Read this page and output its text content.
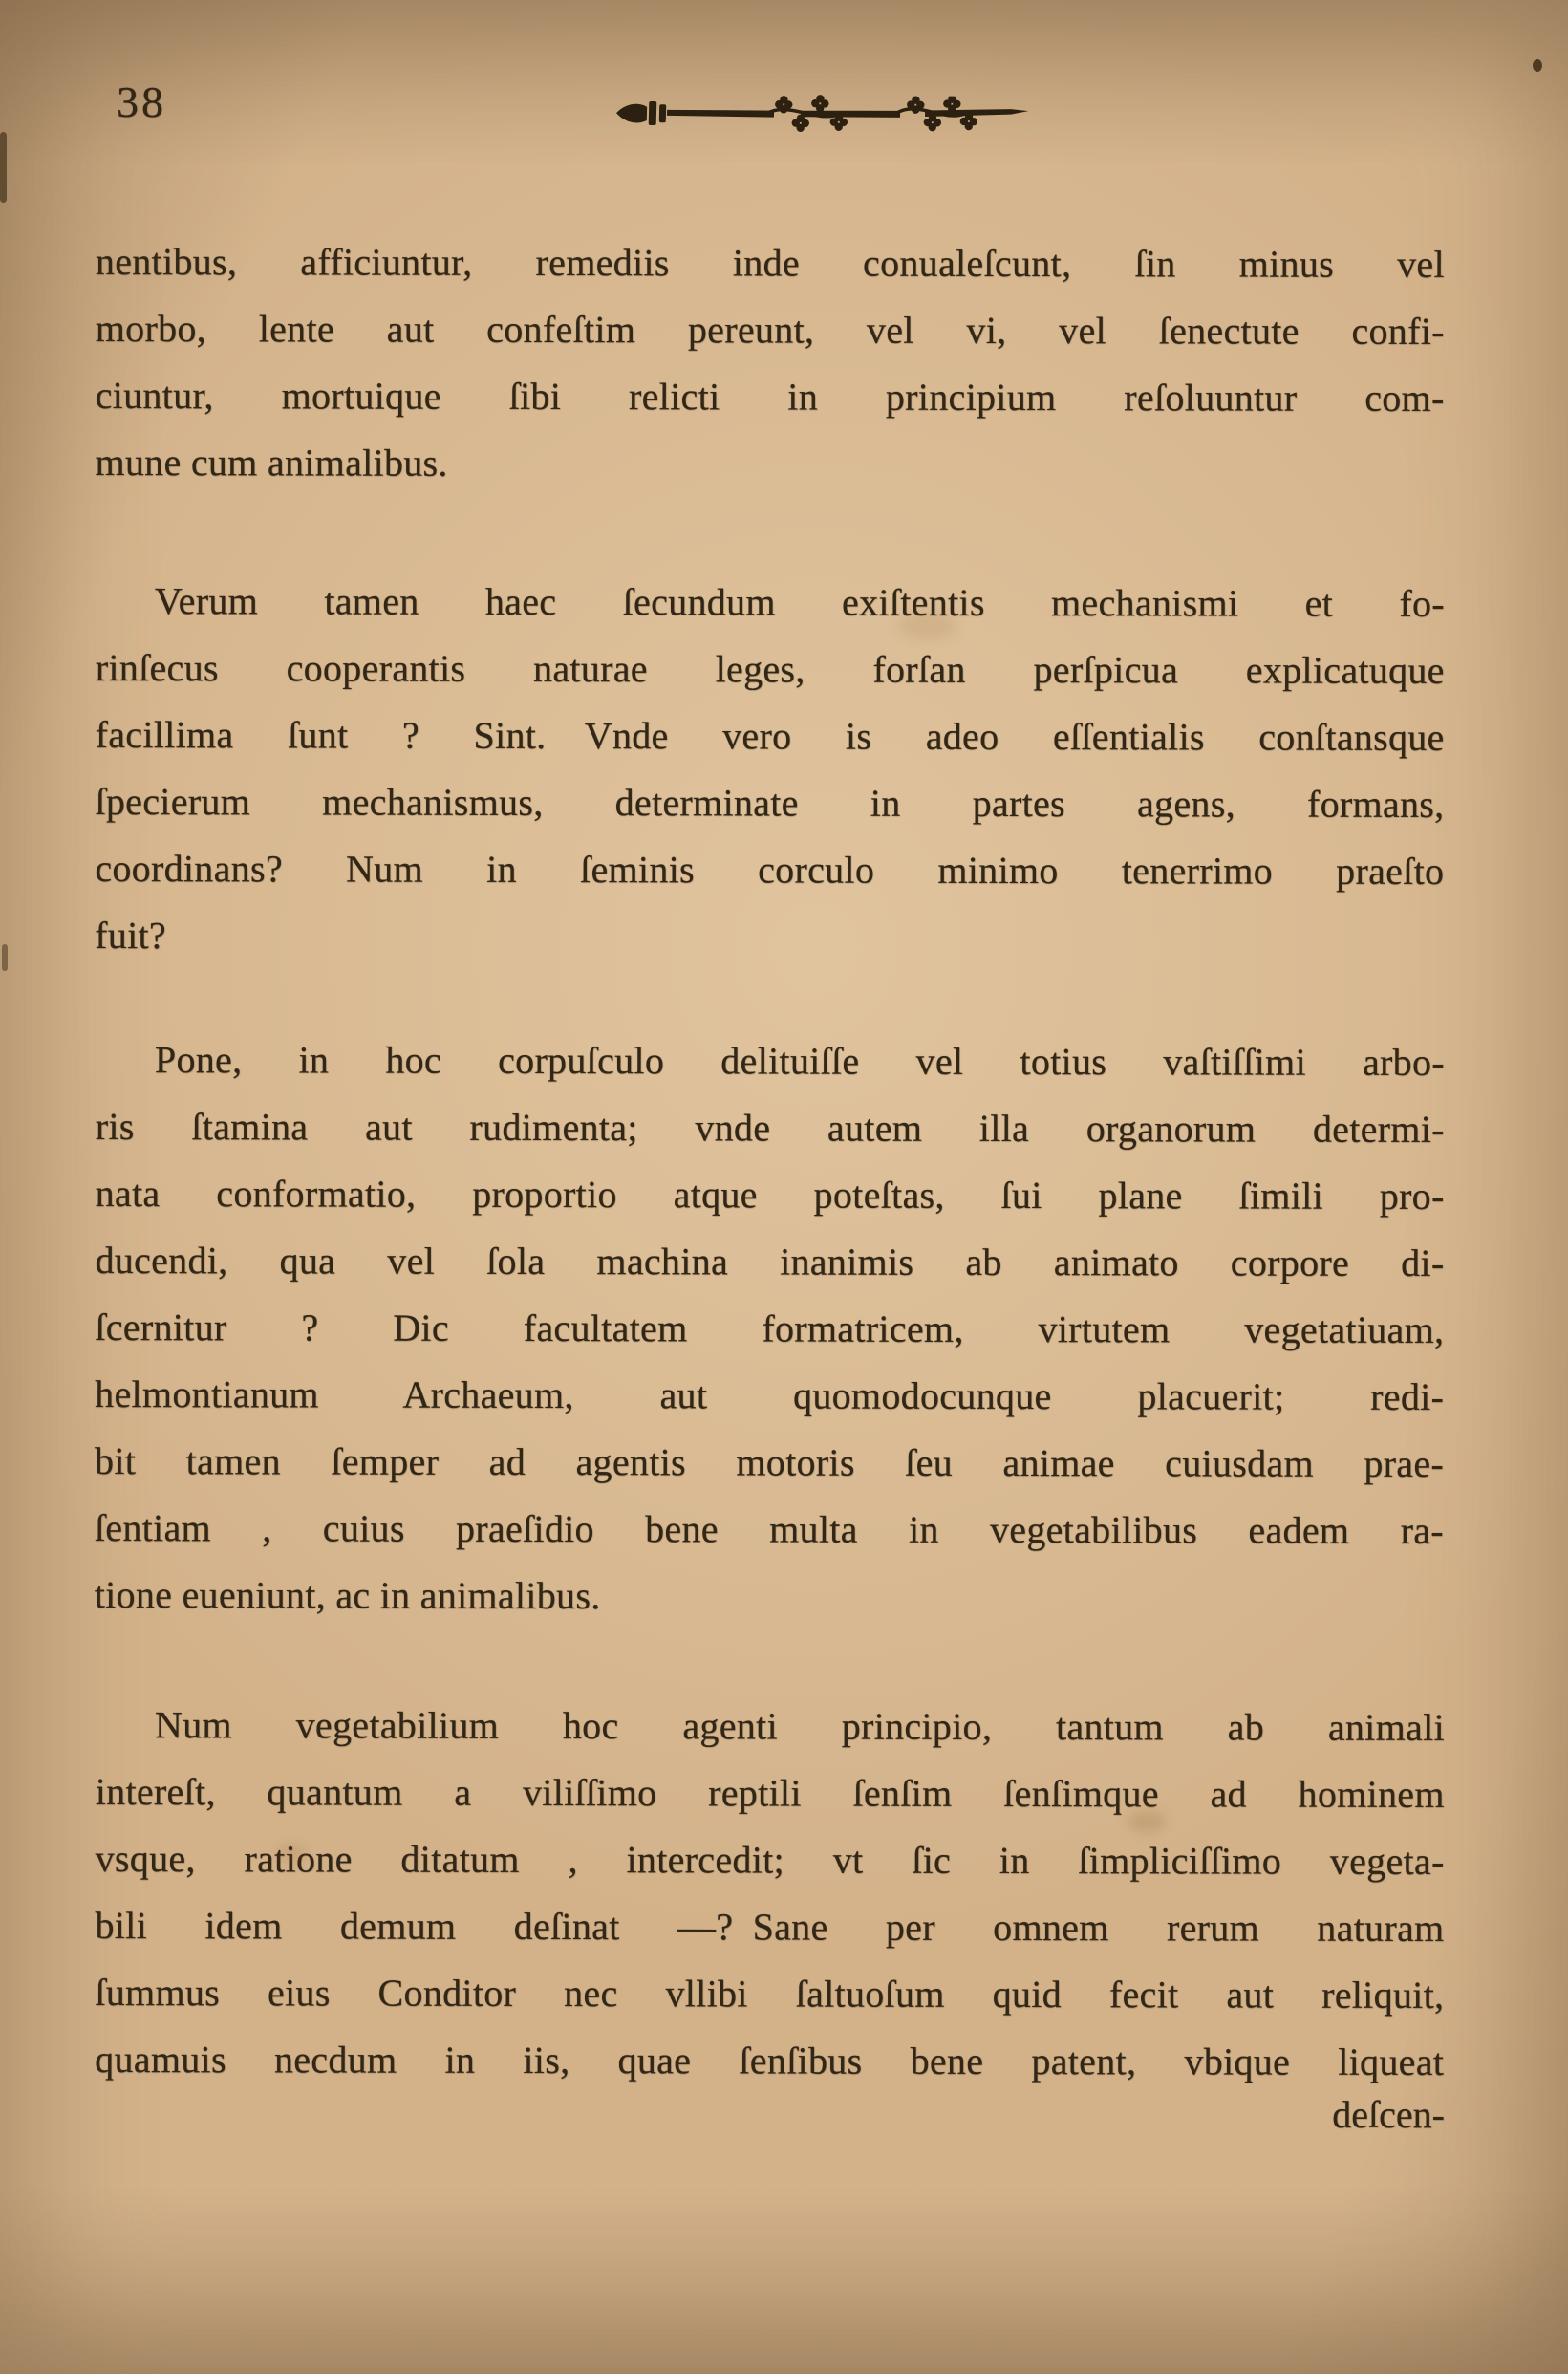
38
nentibus, afficiuntur, remediis inde conualeſcunt, ſin minus vel
morbo, lente aut confeſtim pereunt, vel vi, vel ſenectute confi-
ciuntur, mortuique ſibi relicti in principium reſoluuntur com-
mune cum animalibus.
Verum tamen haec ſecundum exiſtentis mechanismi et fo-
rinſecus cooperantis naturae leges, forſan perſpicua explicatuque
facillima ſunt ? Sint. Vnde vero is adeo eſſentialis conſtansque
ſpecierum mechanismus, determinate in partes agens, formans,
coordinans? Num in ſeminis corculo minimo tenerrimo praeſto
fuit?
Pone, in hoc corpuſculo delituiſſe vel totius vaſtiſſimi arbo-
ris ſtamina aut rudimenta; vnde autem illa organorum determi-
nata conformatio, proportio atque poteſtas, ſui plane ſimili pro-
ducendi, qua vel ſola machina inanimis ab animato corpore di-
ſcernitur ? Dic facultatem formatricem, virtutem vegetatiuam,
helmontianum Archaeum, aut quomodocunque placuerit; redi-
bit tamen ſemper ad agentis motoris ſeu animae cuiusdam prae-
ſentiam , cuius praeſidio bene multa in vegetabilibus eadem ra-
tione eueniunt, ac in animalibus.
Num vegetabilium hoc agenti principio, tantum ab animali
intereſt, quantum a viliſſimo reptili ſenſim ſenſimque ad hominem
vsque, ratione ditatum , intercedit; vt ſic in ſimpliciſſimo vegeta-
bili idem demum deſinat —? Sane per omnem rerum naturam
ſummus eius Conditor nec vllibi ſaltuoſum quid fecit aut reliquit,
quamuis necdum in iis, quae ſenſibus bene patent, vbique liqueat
deſcen-
